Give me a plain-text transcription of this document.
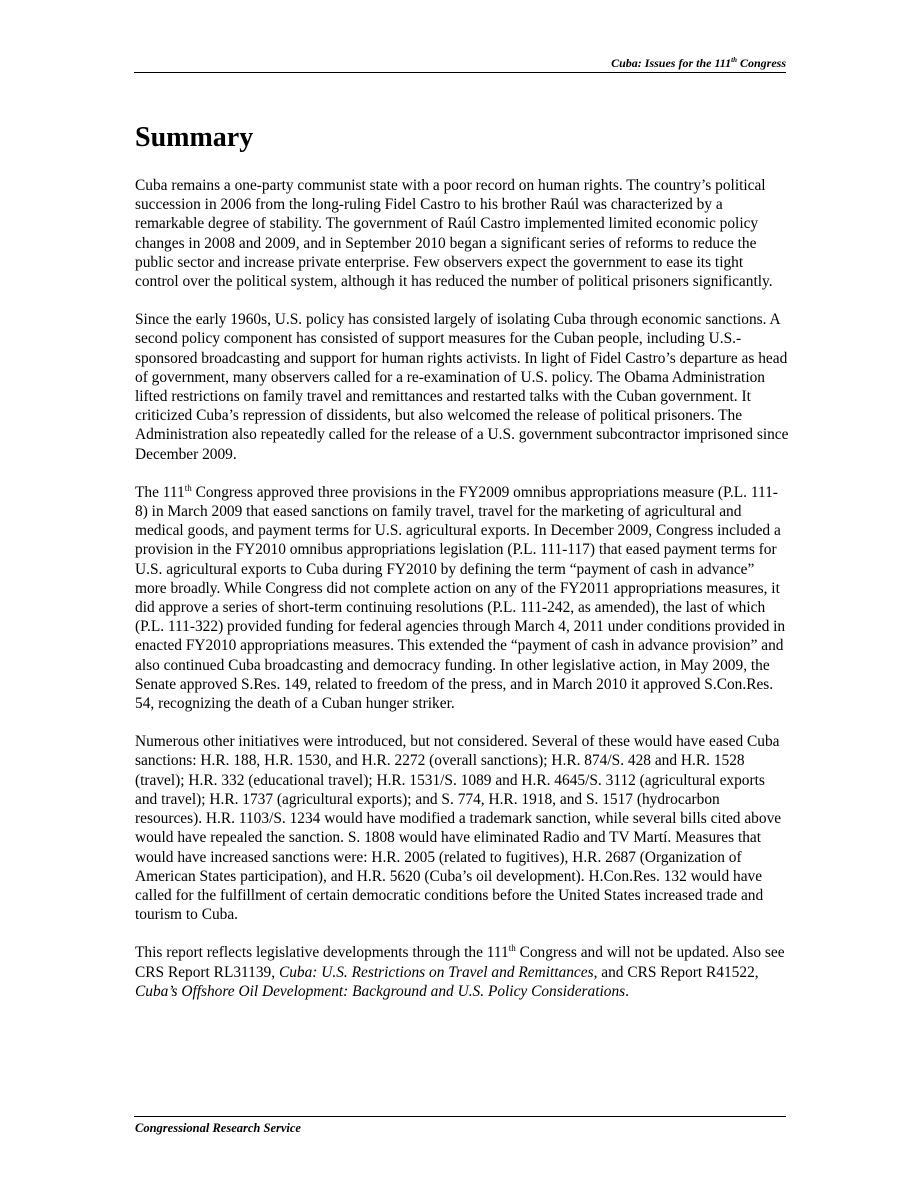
Cuba: Issues for the 111th Congress
Summary

Cuba remains a one-party communist state with a poor record on human rights. The country’s political succession in 2006 from the long-ruling Fidel Castro to his brother Raúl was characterized by a remarkable degree of stability. The government of Raúl Castro implemented limited economic policy changes in 2008 and 2009, and in September 2010 began a significant series of reforms to reduce the public sector and increase private enterprise. Few observers expect the government to ease its tight control over the political system, although it has reduced the number of political prisoners significantly.

Since the early 1960s, U.S. policy has consisted largely of isolating Cuba through economic sanctions. A second policy component has consisted of support measures for the Cuban people, including U.S.-sponsored broadcasting and support for human rights activists. In light of Fidel Castro’s departure as head of government, many observers called for a re-examination of U.S. policy. The Obama Administration lifted restrictions on family travel and remittances and restarted talks with the Cuban government. It criticized Cuba’s repression of dissidents, but also welcomed the release of political prisoners. The Administration also repeatedly called for the release of a U.S. government subcontractor imprisoned since December 2009.

The 111th Congress approved three provisions in the FY2009 omnibus appropriations measure (P.L. 111-8) in March 2009 that eased sanctions on family travel, travel for the marketing of agricultural and medical goods, and payment terms for U.S. agricultural exports. In December 2009, Congress included a provision in the FY2010 omnibus appropriations legislation (P.L. 111-117) that eased payment terms for U.S. agricultural exports to Cuba during FY2010 by defining the term “payment of cash in advance” more broadly. While Congress did not complete action on any of the FY2011 appropriations measures, it did approve a series of short-term continuing resolutions (P.L. 111-242, as amended), the last of which (P.L. 111-322) provided funding for federal agencies through March 4, 2011 under conditions provided in enacted FY2010 appropriations measures. This extended the “payment of cash in advance provision” and also continued Cuba broadcasting and democracy funding. In other legislative action, in May 2009, the Senate approved S.Res. 149, related to freedom of the press, and in March 2010 it approved S.Con.Res. 54, recognizing the death of a Cuban hunger striker.

Numerous other initiatives were introduced, but not considered. Several of these would have eased Cuba sanctions: H.R. 188, H.R. 1530, and H.R. 2272 (overall sanctions); H.R. 874/S. 428 and H.R. 1528 (travel); H.R. 332 (educational travel); H.R. 1531/S. 1089 and H.R. 4645/S. 3112 (agricultural exports and travel); H.R. 1737 (agricultural exports); and S. 774, H.R. 1918, and S. 1517 (hydrocarbon resources). H.R. 1103/S. 1234 would have modified a trademark sanction, while several bills cited above would have repealed the sanction. S. 1808 would have eliminated Radio and TV Martí. Measures that would have increased sanctions were: H.R. 2005 (related to fugitives), H.R. 2687 (Organization of American States participation), and H.R. 5620 (Cuba’s oil development). H.Con.Res. 132 would have called for the fulfillment of certain democratic conditions before the United States increased trade and tourism to Cuba.

This report reflects legislative developments through the 111th Congress and will not be updated. Also see CRS Report RL31139, Cuba: U.S. Restrictions on Travel and Remittances, and CRS Report R41522, Cuba’s Offshore Oil Development: Background and U.S. Policy Considerations.

Congressional Research Service
